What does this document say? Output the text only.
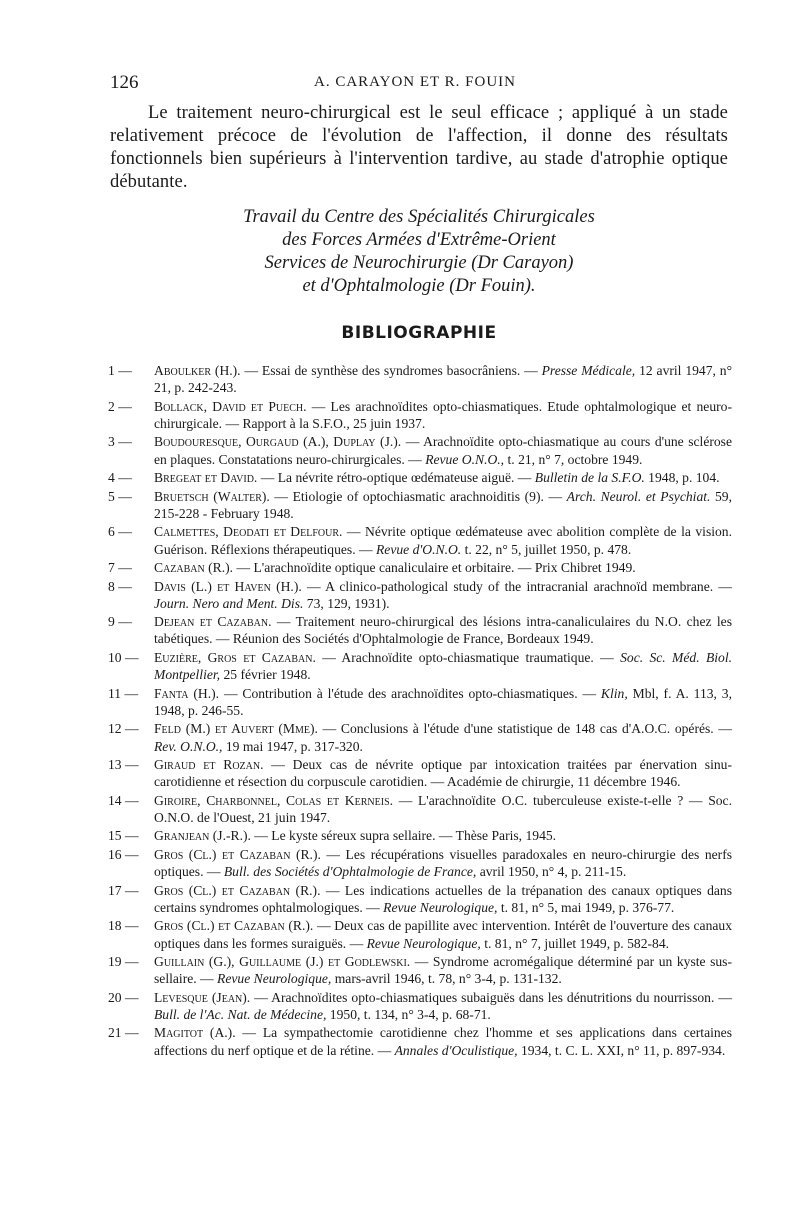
126	A. CARAYON ET R. FOUIN

Le traitement neuro-chirurgical est le seul efficace ; appliqué à un stade relativement précoce de l'évolution de l'affection, il donne des résultats fonctionnels bien supérieurs à l'intervention tardive, au stade d'atrophie optique débutante.

Travail du Centre des Spécialités Chirurgicales
des Forces Armées d'Extrême-Orient
Services de Neurochirurgie (Dr Carayon)
et d'Ophtalmologie (Dr Fouin).
BIBLIOGRAPHIE
1 —	Aboulker (H.). — Essai de synthèse des syndromes basocrâniens. — Presse Médicale, 12 avril 1947, n° 21, p. 242-243.
2 —	Bollack, David et Puech. — Les arachnoïdites opto-chiasmatiques. Etude ophtalmologique et neuro-chirurgicale. — Rapport à la S.F.O., 25 juin 1937.
3 —	Boudouresque, Ourgaud (A.), Duplay (J.). — Arachnoïdite opto-chiasmatique au cours d'une sclérose en plaques. Constatations neuro-chirurgicales. — Revue O.N.O., t. 21, n° 7, octobre 1949.
4 —	Bregeat et David. — La névrite rétro-optique œdémateuse aiguë. — Bulletin de la S.F.O. 1948, p. 104.
5 —	Bruetsch (Walter). — Etiologie of optochiasmatic arachnoiditis (9). — Arch. Neurol. et Psychiat. 59, 215-228 - February 1948.
6 —	Calmettes, Deodati et Delfour. — Névrite optique œdémateuse avec abolition complète de la vision. Guérison. Réflexions thérapeutiques. — Revue d'O.N.O. t. 22, n° 5, juillet 1950, p. 478.
7 —	Cazaban (R.). — L'arachnoïdite optique canaliculaire et orbitaire. — Prix Chibret 1949.
8 —	Davis (L.) et Haven (H.). — A clinico-pathological study of the intracranial arachnoïd membrane. — Journ. Nero and Ment. Dis. 73, 129, 1931).
9 —	Dejean et Cazaban. — Traitement neuro-chirurgical des lésions intra-canaliculaires du N.O. chez les tabétiques. — Réunion des Sociétés d'Ophtalmologie de France, Bordeaux 1949.
10 —	Euzière, Gros et Cazaban. — Arachnoïdite opto-chiasmatique traumatique. — Soc. Sc. Méd. Biol. Montpellier, 25 février 1948.
11 —	Fanta (H.). — Contribution à l'étude des arachnoïdites opto-chiasmatiques. — Klin, Mbl, f. A. 113, 3, 1948, p. 246-55.
12 —	Feld (M.) et Auvert (Mme). — Conclusions à l'étude d'une statistique de 148 cas d'A.O.C. opérés. — Rev. O.N.O., 19 mai 1947, p. 317-320.
13 —	Giraud et Rozan. — Deux cas de névrite optique par intoxication traitées par énervation sinu-carotidienne et résection du corpuscule carotidien. — Académie de chirurgie, 11 décembre 1946.
14 —	Giroire, Charbonnel, Colas et Kerneis. — L'arachnoïdite O.C. tuberculeuse existe-t-elle ? — Soc. O.N.O. de l'Ouest, 21 juin 1947.
15 —	Granjean (J.-R.). — Le kyste séreux supra sellaire. — Thèse Paris, 1945.
16 —	Gros (Cl.) et Cazaban (R.). — Les récupérations visuelles paradoxales en neuro-chirurgie des nerfs optiques. — Bull. des Sociétés d'Ophtalmologie de France, avril 1950, n° 4, p. 211-15.
17 —	Gros (Cl.) et Cazaban (R.). — Les indications actuelles de la trépanation des canaux optiques dans certains syndromes ophtalmologiques. — Revue Neurologique, t. 81, n° 5, mai 1949, p. 376-77.
18 —	Gros (Cl.) et Cazaban (R.). — Deux cas de papillite avec intervention. Intérêt de l'ouverture des canaux optiques dans les formes suraiguës. — Revue Neurologique, t. 81, n° 7, juillet 1949, p. 582-84.
19 —	Guillain (G.), Guillaume (J.) et Godlewski. — Syndrome acromégalique déterminé par un kyste sus-sellaire. — Revue Neurologique, mars-avril 1946, t. 78, n° 3-4, p. 131-132.
20 —	Levesque (Jean). — Arachnoïdites opto-chiasmatiques subaiguës dans les dénutritions du nourrisson. — Bull. de l'Ac. Nat. de Médecine, 1950, t. 134, n° 3-4, p. 68-71.
21 —	Magitot (A.). — La sympathectomie carotidienne chez l'homme et ses applications dans certaines affections du nerf optique et de la rétine. — Annales d'Oculistique, 1934, t. C. L. XXI, n° 11, p. 897-934.
